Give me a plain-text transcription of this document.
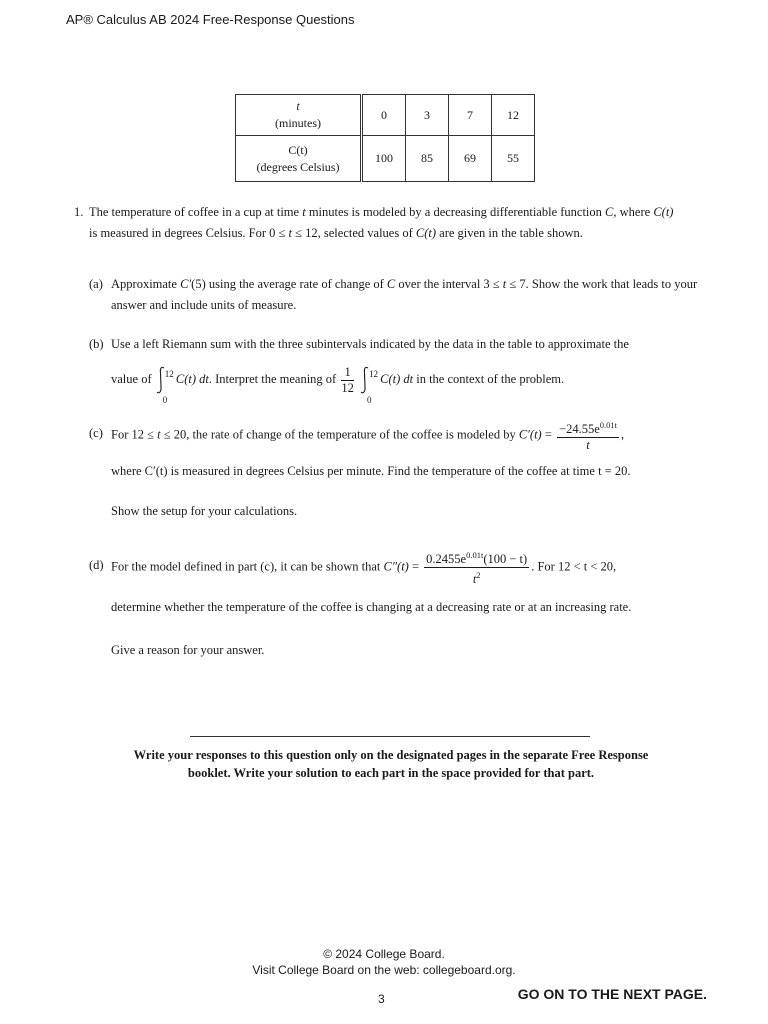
AP® Calculus AB 2024 Free-Response Questions
t
(minutes)	0	3	7	12
C(t)
(degrees Celsius)	100	85	69	55
1. The temperature of coffee in a cup at time t minutes is modeled by a decreasing differentiable function C, where C(t) is measured in degrees Celsius. For 0 ≤ t ≤ 12, selected values of C(t) are given in the table shown.
(a) Approximate C′(5) using the average rate of change of C over the interval 3 ≤ t ≤ 7. Show the work that leads to your answer and include units of measure.
(b) Use a left Riemann sum with the three subintervals indicated by the data in the table to approximate the
value of 12
0
C(t) dt. Interpret the meaning of $\frac{1}{12}$
12
0
C(t) dt in the context of the problem.
(c) For 12 ≤ t ≤ 20, the rate of change of the temperature of the coffee is modeled by $C'(t) = \frac{-24.55e^{0.01t}}{t}$ ,
where C′(t) is measured in degrees Celsius per minute. Find the temperature of the coffee at time t = 20.
Show the setup for your calculations.
(d) For the model defined in part (c), it can be shown that $C''(t) = \frac{0.2455e^{0.01t}(100 - t)}{t^2}$ . For 12 < t < 20,
determine whether the temperature of the coffee is changing at a decreasing rate or at an increasing rate.
Give a reason for your answer.
Write your responses to this question only on the designated pages in the separate Free Response
booklet. Write your solution to each part in the space provided for that part.
© 2024 College Board.
Visit College Board on the web: collegeboard.org.
3	GO ON TO THE NEXT PAGE.
